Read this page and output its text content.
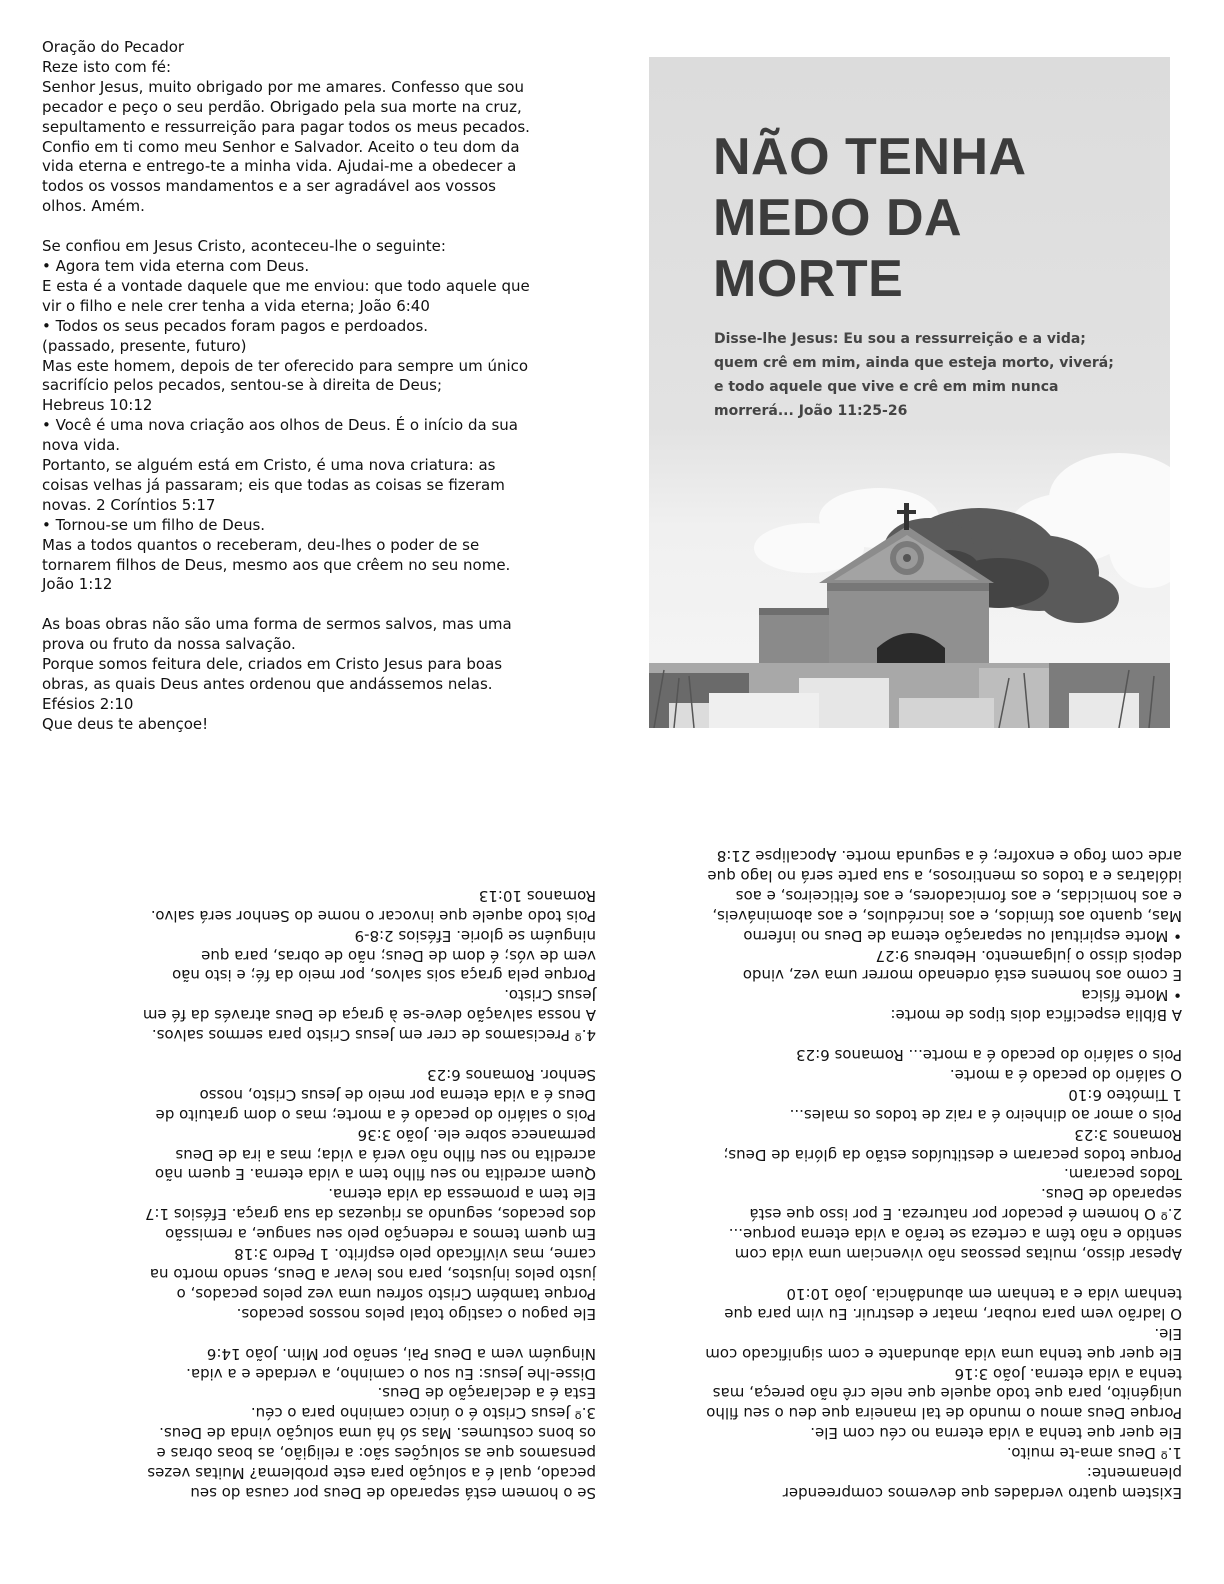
Oração do Pecador
Reze isto com fé:
Senhor Jesus, muito obrigado por me amares. Confesso que sou
pecador e peço o seu perdão. Obrigado pela sua morte na cruz,
sepultamento e ressurreição para pagar todos os meus pecados.
Confio em ti como meu Senhor e Salvador. Aceito o teu dom da
vida eterna e entrego-te a minha vida. Ajudai-me a obedecer a
todos os vossos mandamentos e a ser agradável aos vossos
olhos. Amém.

Se confiou em Jesus Cristo, aconteceu-lhe o seguinte:
• Agora tem vida eterna com Deus.
E esta é a vontade daquele que me enviou: que todo aquele que
vir o filho e nele crer tenha a vida eterna; João 6:40
• Todos os seus pecados foram pagos e perdoados.
(passado, presente, futuro)
Mas este homem, depois de ter oferecido para sempre um único
sacrifício pelos pecados, sentou-se à direita de Deus;
Hebreus 10:12
• Você é uma nova criação aos olhos de Deus. É o início da sua
nova vida.
Portanto, se alguém está em Cristo, é uma nova criatura: as
coisas velhas já passaram; eis que todas as coisas se fizeram
novas. 2 Coríntios 5:17
• Tornou-se um filho de Deus.
Mas a todos quantos o receberam, deu-lhes o poder de se
tornarem filhos de Deus, mesmo aos que crêem no seu nome.
João 1:12

As boas obras não são uma forma de sermos salvos, mas uma
prova ou fruto da nossa salvação.
Porque somos feitura dele, criados em Cristo Jesus para boas
obras, as quais Deus antes ordenou que andássemos nelas.
Efésios 2:10
Que deus te abençoe!
NÃO TENHA
MEDO DA
MORTE
Disse-lhe Jesus: Eu sou a ressurreição e a vida;
quem crê em mim, ainda que esteja morto, viverá;
e todo aquele que vive e crê em mim nunca
morrerá... João 11:25-26
Existem quatro verdades que devemos compreender
plenamente:
1.º Deus ama-te muito.
Ele quer que tenha a vida eterna no céu com Ele.
Porque Deus amou o mundo de tal maneira que deu o seu filho
unigénito, para que todo aquele que nele crê não pereça, mas
tenha a vida eterna. João 3:16
Ele quer que tenha uma vida abundante e com significado com
Ele.
O ladrão vem para roubar, matar e destruir. Eu vim para que
tenham vida e a tenham em abundância. João 10:10

Apesar disso, muitas pessoas não vivenciam uma vida com
sentido e não têm a certeza se terão a vida eterna porque...
2.º O homem é pecador por natureza. E por isso que está
separado de Deus.
Todos pecaram.
Porque todos pecaram e destituídos estão da glória de Deus;
Romanos 3:23
Pois o amor ao dinheiro é a raiz de todos os males...
1 Timóteo 6:10
O salário do pecado é a morte.
Pois o salário do pecado é a morte... Romanos 6:23

A Bíblia especifica dois tipos de morte:
• Morte física
E como aos homens está ordenado morrer uma vez, vindo
depois disso o julgamento. Hebreus 9:27
• Morte espiritual ou separação eterna de Deus no inferno
Mas, quanto aos tímidos, e aos incrédulos, e aos abomináveis,
e aos homicidas, e aos fornicadores, e aos feiticeiros, e aos
idólatras e a todos os mentirosos, a sua parte será no lago que
arde com fogo e enxofre; é a segunda morte. Apocalipse 21:8
Se o homem está separado de Deus por causa do seu
pecado, qual é a solução para este problema? Muitas vezes
pensamos que as soluções são: a religião, as boas obras e
os bons costumes. Mas só há uma solução vinda de Deus.
3.º Jesus Cristo é o único caminho para o céu.
Esta é a declaração de Deus.
Disse-lhe Jesus: Eu sou o caminho, a verdade e a vida.
Ninguém vem a Deus Pai, senão por Mim. João 14:6

Ele pagou o castigo total pelos nossos pecados.
Porque também Cristo sofreu uma vez pelos pecados, o
justo pelos injustos, para nos levar a Deus, sendo morto na
carne, mas vivificado pelo espírito. 1 Pedro 3:18
Em quem temos a redenção pelo seu sangue, a remissão
dos pecados, segundo as riquezas da sua graça. Efésios 1:7
Ele tem a promessa da vida eterna.
Quem acredita no seu filho tem a vida eterna. E quem não
acredita no seu filho não verá a vida; mas a ira de Deus
permanece sobre ele. João 3:36
Pois o salário do pecado é a morte; mas o dom gratuito de
Deus é a vida eterna por meio de Jesus Cristo, nosso
Senhor. Romanos 6:23

4.º Precisamos de crer em Jesus Cristo para sermos salvos.
A nossa salvação deve-se à graça de Deus através da fé em
Jesus Cristo.
Porque pela graça sois salvos, por meio da fé; e isto não
vem de vós; é dom de Deus; não de obras, para que
ninguém se glorie. Efésios 2:8-9
Pois todo aquele que invocar o nome do Senhor será salvo.
Romanos 10:13
